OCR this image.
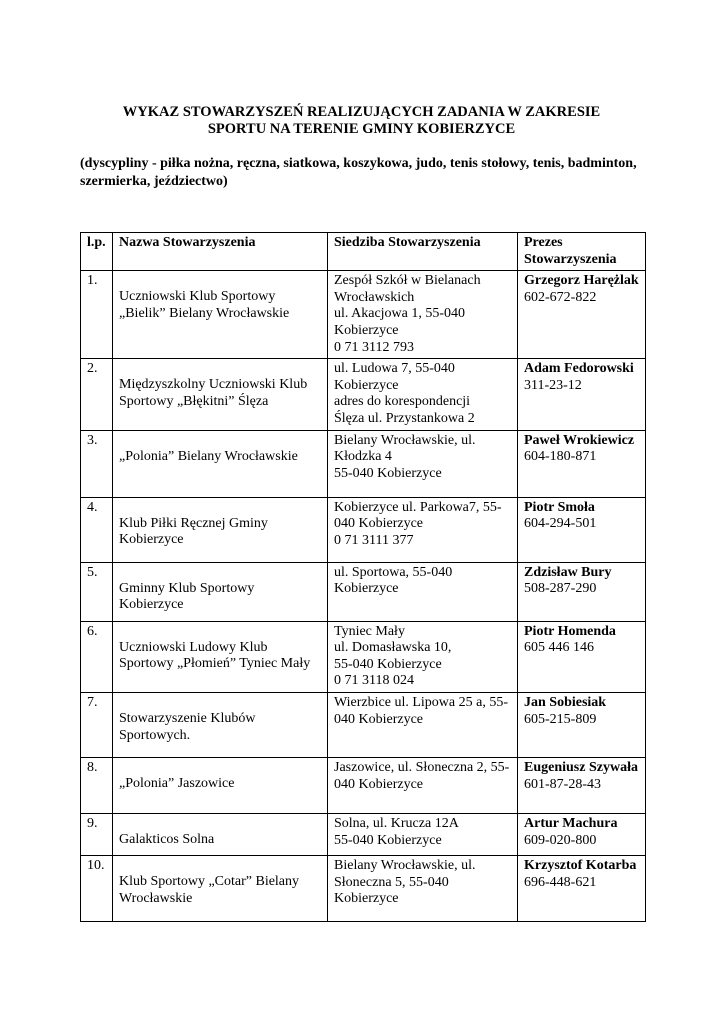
WYKAZ STOWARZYSZEŃ REALIZUJĄCYCH ZADANIA W ZAKRESIE
SPORTU NA TERENIE GMINY KOBIERZYCE
(dyscypliny - piłka nożna, ręczna, siatkowa, koszykowa, judo, tenis stołowy, tenis, badminton, szermierka, jeździectwo)
l.p.	Nazwa Stowarzyszenia	Siedziba Stowarzyszenia	Prezes Stowarzyszenia
1.	Uczniowski Klub Sportowy „Bielik” Bielany Wrocławskie	Zespół Szkół w Bielanach Wrocławskich
ul. Akacjowa 1, 55-040 Kobierzyce
0 71 3112 793	Grzegorz Harężlak
602-672-822

2.	Międzyszkolny Uczniowski Klub Sportowy „Błękitni” Ślęza	ul. Ludowa 7, 55-040 Kobierzyce
adres do korespondencji
Ślęza ul. Przystankowa 2	Adam Fedorowski
311-23-12

3.	„Polonia” Bielany Wrocławskie	Bielany Wrocławskie, ul. Kłodzka 4
55-040 Kobierzyce	Paweł Wrokiewicz
604-180-871

4.	Klub Piłki Ręcznej Gminy Kobierzyce	Kobierzyce ul. Parkowa7, 55-040 Kobierzyce
0 71 3111 377	Piotr Smoła
604-294-501

5.	Gminny Klub Sportowy Kobierzyce	ul. Sportowa, 55-040 Kobierzyce	Zdzisław Bury
508-287-290

6.	Uczniowski Ludowy Klub Sportowy „Płomień” Tyniec Mały	Tyniec Mały
ul. Domasławska 10,
55-040 Kobierzyce
0 71 3118 024	Piotr Homenda
605 446 146

7.	Stowarzyszenie Klubów Sportowych.	Wierzbice ul. Lipowa 25 a, 55-040 Kobierzyce	Jan Sobiesiak
605-215-809

8.	„Polonia” Jaszowice	Jaszowice, ul. Słoneczna 2, 55-040 Kobierzyce	Eugeniusz Szywała
601-87-28-43

9.	Galakticos Solna	Solna, ul. Krucza 12A
55-040 Kobierzyce	Artur Machura
609-020-800

10.	Klub Sportowy „Cotar” Bielany Wrocławskie	Bielany Wrocławskie, ul. Słoneczna 5, 55-040 Kobierzyce	Krzysztof Kotarba
696-448-621
